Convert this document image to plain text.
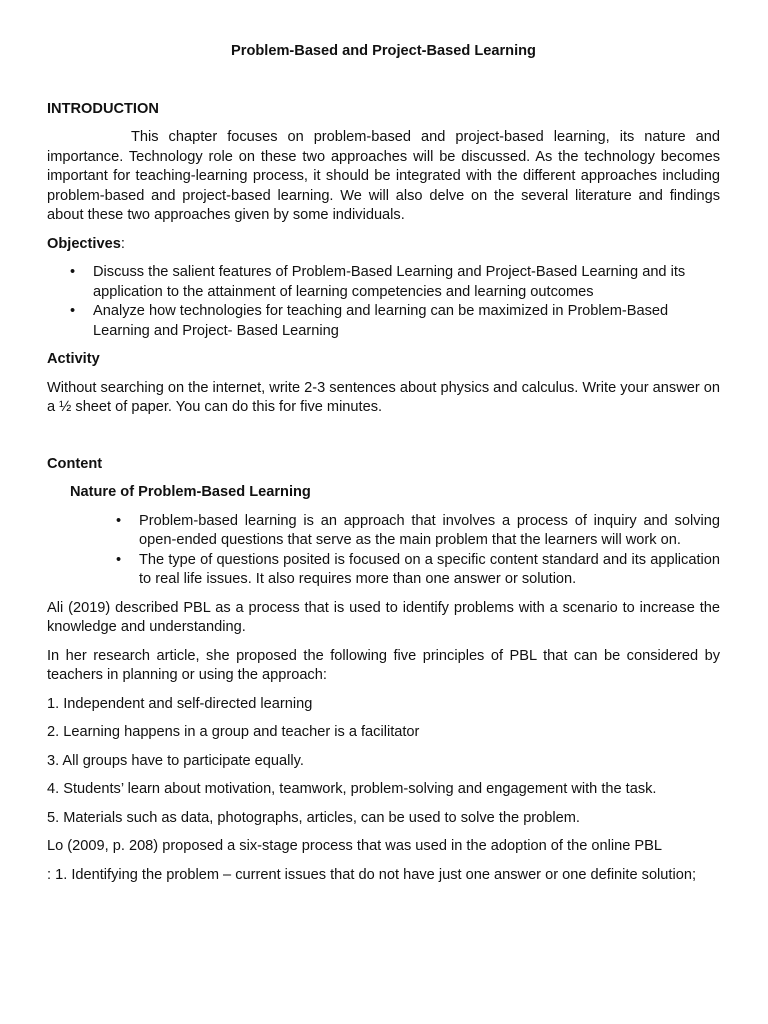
Problem-Based and Project-Based Learning
INTRODUCTION
This chapter focuses on problem-based and project-based learning, its nature and importance. Technology role on these two approaches will be discussed. As the technology becomes important for teaching-learning process, it should be integrated with the different approaches including problem-based and project-based learning. We will also delve on the several literature and findings about these two approaches given by some individuals.
Objectives:
• Discuss the salient features of Problem-Based Learning and Project-Based Learning and its application to the attainment of learning competencies and learning outcomes
• Analyze how technologies for teaching and learning can be maximized in Problem-Based Learning and Project- Based Learning
Activity
Without searching on the internet, write 2-3 sentences about physics and calculus. Write your answer on a ½ sheet of paper. You can do this for five minutes.
Content
Nature of Problem-Based Learning
• Problem-based learning is an approach that involves a process of inquiry and solving open-ended questions that serve as the main problem that the learners will work on.
• The type of questions posited is focused on a specific content standard and its application to real life issues. It also requires more than one answer or solution.
Ali (2019) described PBL as a process that is used to identify problems with a scenario to increase the knowledge and understanding.
In her research article, she proposed the following five principles of PBL that can be considered by teachers in planning or using the approach:
1. Independent and self-directed learning
2. Learning happens in a group and teacher is a facilitator
3. All groups have to participate equally.
4. Students’ learn about motivation, teamwork, problem-solving and engagement with the task.
5. Materials such as data, photographs, articles, can be used to solve the problem.
Lo (2009, p. 208) proposed a six-stage process that was used in the adoption of the online PBL
: 1. Identifying the problem – current issues that do not have just one answer or one definite solution;
